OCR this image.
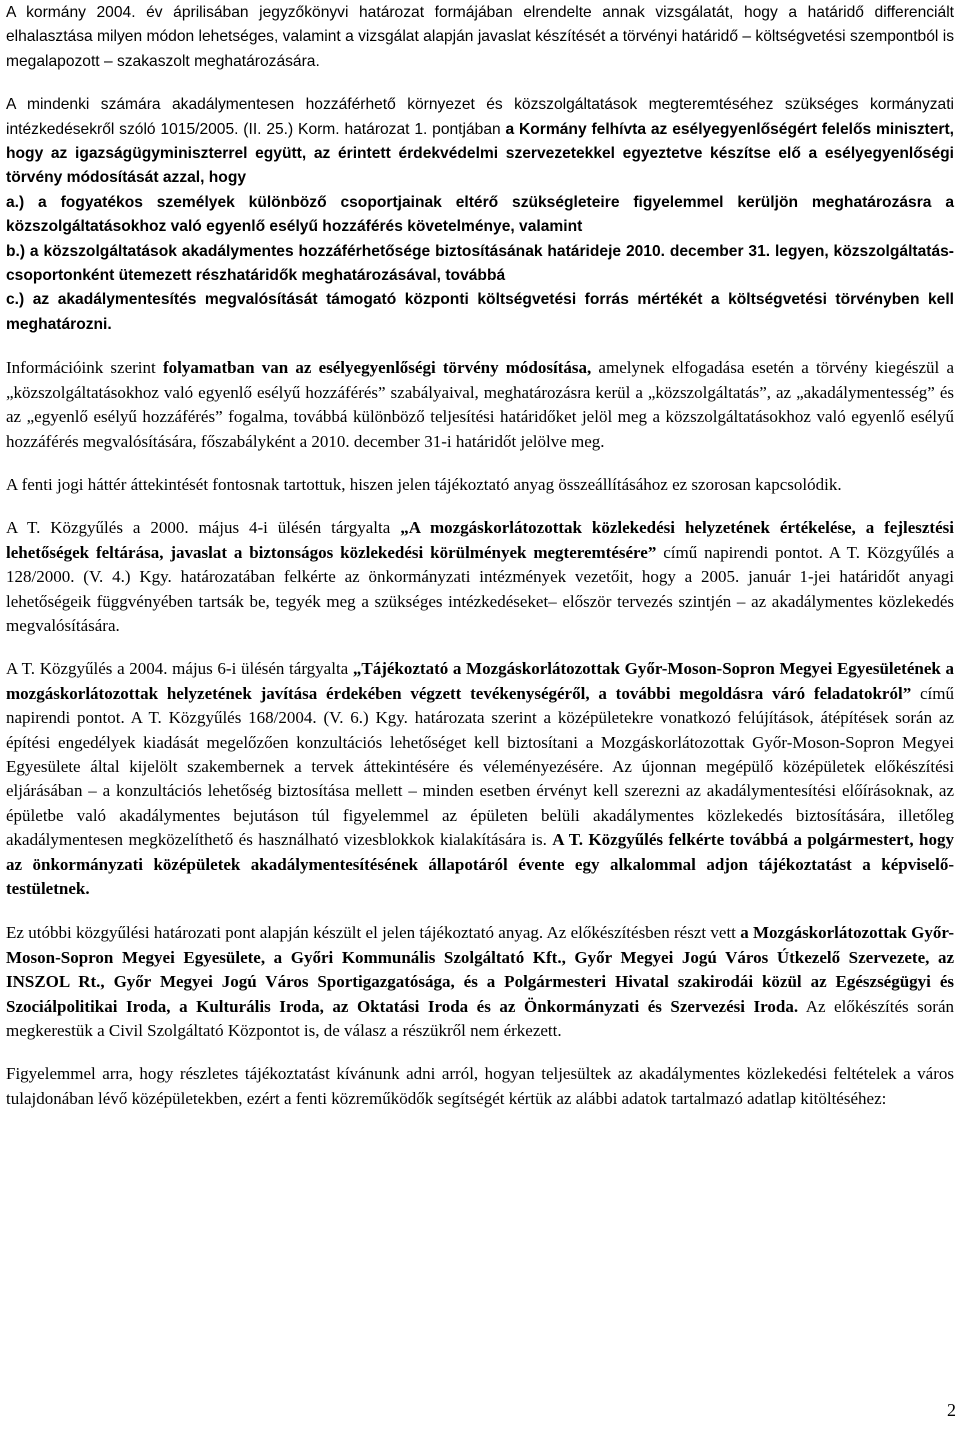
A kormány 2004. év áprilisában jegyzőkönyvi határozat formájában elrendelte annak vizsgálatát, hogy a határidő differenciált elhalasztása milyen módon lehetséges, valamint a vizsgálat alapján javaslat készítését a törvényi határidő – költségvetési szempontból is megalapozott – szakaszolt meghatározására.

A mindenki számára akadálymentesen hozzáférhető környezet és közszolgáltatások megteremtéséhez szükséges kormányzati intézkedésekről szóló 1015/2005. (II. 25.) Korm. határozat 1. pontjában a Kormány felhívta az esélyegyenlőségért felelős minisztert, hogy az igazságügyminiszterrel együtt, az érintett érdekvédelmi szervezetekkel egyeztetve készítse elő a esélyegyenlőségi törvény módosítását azzal, hogy
a.) a fogyatékos személyek különböző csoportjainak eltérő szükségleteire figyelemmel kerüljön meghatározásra a közszolgáltatásokhoz való egyenlő esélyű hozzáférés követelménye, valamint
b.) a közszolgáltatások akadálymentes hozzáférhetősége biztosításának határideje 2010. december 31. legyen, közszolgáltatás-csoportonként ütemezett részhatáridők meghatározásával, továbbá
c.) az akadálymentesítés megvalósítását támogató központi költségvetési forrás mértékét a költségvetési törvényben kell meghatározni.

Információink szerint folyamatban van az esélyegyenlőségi törvény módosítása, amelynek elfogadása esetén a törvény kiegészül a „közszolgáltatásokhoz való egyenlő esélyű hozzáférés” szabályaival, meghatározásra kerül a „közszolgáltatás”, az „akadálymentesség” és az „egyenlő esélyű hozzáférés” fogalma, továbbá különböző teljesítési határidőket jelöl meg a közszolgáltatásokhoz való egyenlő esélyű hozzáférés megvalósítására, főszabályként a 2010. december 31-i határidőt jelölve meg.

A fenti jogi háttér áttekintését fontosnak tartottuk, hiszen jelen tájékoztató anyag összeállításához ez szorosan kapcsolódik.

A T. Közgyűlés a 2000. május 4-i ülésén tárgyalta „A mozgáskorlátozottak közlekedési helyzetének értékelése, a fejlesztési lehetőségek feltárása, javaslat a biztonságos közlekedési körülmények megteremtésére” című napirendi pontot. A T. Közgyűlés a 128/2000. (V. 4.) Kgy. határozatában felkérte az önkormányzati intézmények vezetőit, hogy a 2005. január 1-jei határidőt anyagi lehetőségeik függvényében tartsák be, tegyék meg a szükséges intézkedéseket– először tervezés szintjén – az akadálymentes közlekedés megvalósítására.

A T. Közgyűlés a 2004. május 6-i ülésén tárgyalta „Tájékoztató a Mozgáskorlátozottak Győr-Moson-Sopron Megyei Egyesületének a mozgáskorlátozottak helyzetének javítása érdekében végzett tevékenységéről, a további megoldásra váró feladatokról” című napirendi pontot. A T. Közgyűlés 168/2004. (V. 6.) Kgy. határozata szerint a középületekre vonatkozó felújítások, átépítések során az építési engedélyek kiadását megelőzően konzultációs lehetőséget kell biztosítani a Mozgáskorlátozottak Győr-Moson-Sopron Megyei Egyesülete által kijelölt szakembernek a tervek áttekintésére és véleményezésére. Az újonnan megépülő középületek előkészítési eljárásában – a konzultációs lehetőség biztosítása mellett – minden esetben érvényt kell szerezni az akadálymentesítési előírásoknak, az épületbe való akadálymentes bejutáson túl figyelemmel az épületen belüli akadálymentes közlekedés biztosítására, illetőleg akadálymentesen megközelíthető és használható vizesblokkok kialakítására is. A T. Közgyűlés felkérte továbbá a polgármestert, hogy az önkormányzati középületek akadálymentesítésének állapotáról évente egy alkalommal adjon tájékoztatást a képviselő-testületnek.

Ez utóbbi közgyűlési határozati pont alapján készült el jelen tájékoztató anyag. Az előkészítésben részt vett a Mozgáskorlátozottak Győr-Moson-Sopron Megyei Egyesülete, a Győri Kommunális Szolgáltató Kft., Győr Megyei Jogú Város Útkezelő Szervezete, az INSZOL Rt., Győr Megyei Jogú Város Sportigazgatósága, és a Polgármesteri Hivatal szakirodái közül az Egészségügyi és Szociálpolitikai Iroda, a Kulturális Iroda, az Oktatási Iroda és az Önkormányzati és Szervezési Iroda. Az előkészítés során megkerestük a Civil Szolgáltató Központot is, de válasz a részükről nem érkezett.

Figyelemmel arra, hogy részletes tájékoztatást kívánunk adni arról, hogyan teljesültek az akadálymentes közlekedési feltételek a város tulajdonában lévő középületekben, ezért a fenti közreműködők segítségét kértük az alábbi adatok tartalmazó adatlap kitöltéséhez:

2
